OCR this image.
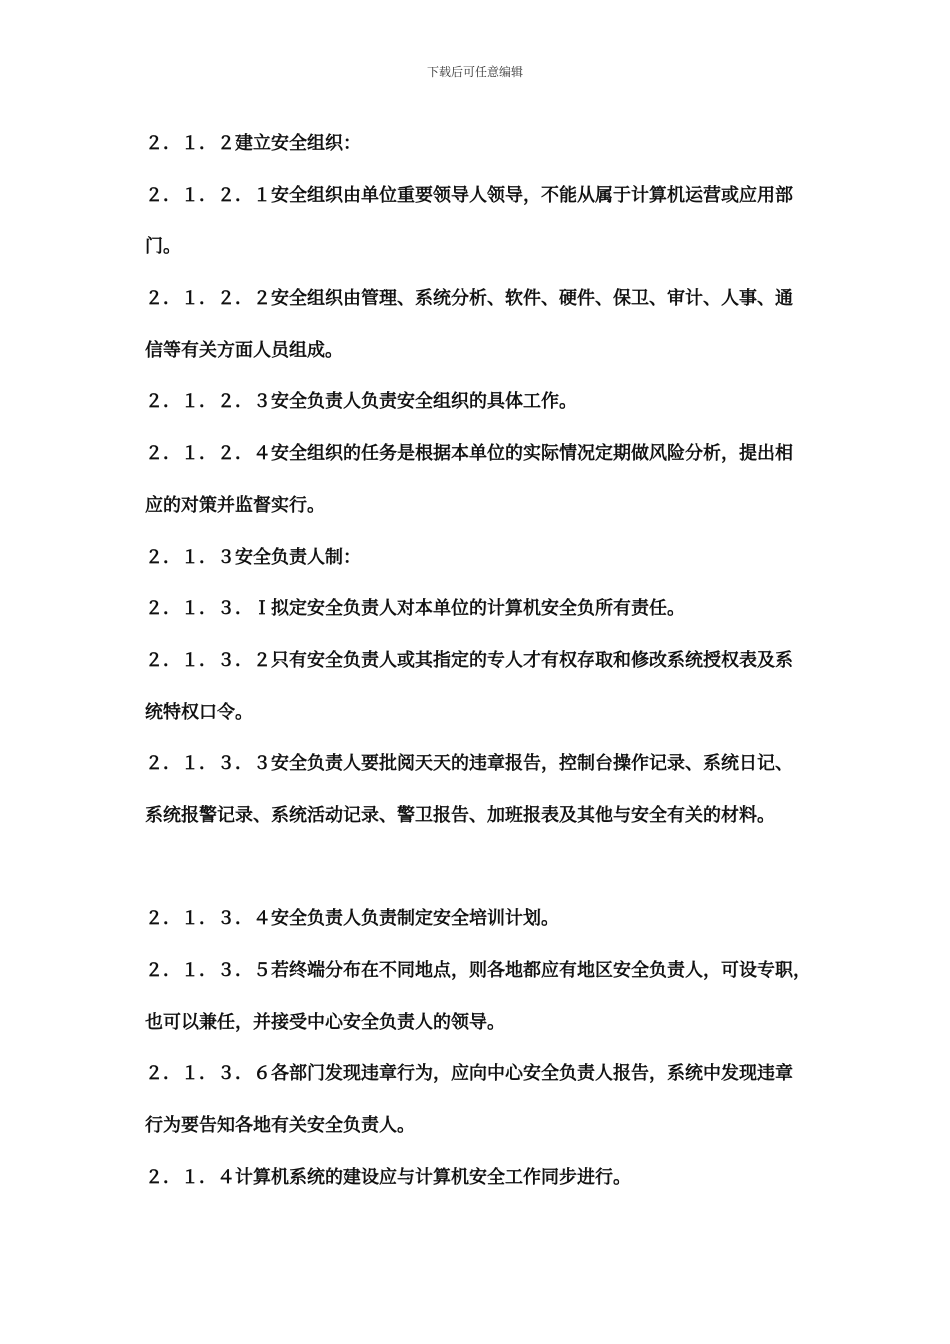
下载后可任意编辑
２．１．２建立安全组织：
２．１．２．１安全组织由单位重要领导人领导，不能从属于计算机运营或应用部
门。
２．１．２．２安全组织由管理、系统分析、软件、硬件、保卫、审计、人事、通
信等有关方面人员组成。
２．１．２．３安全负责人负责安全组织的具体工作。
２．１．２．４安全组织的任务是根据本单位的实际情况定期做风险分析，提出相
应的对策并监督实行。
２．１．３安全负责人制：
２．１．３．Ｉ拟定安全负责人对本单位的计算机安全负所有责任。
２．１．３．２只有安全负责人或其指定的专人才有权存取和修改系统授权表及系
统特权口令。
２．１．３．３安全负责人要批阅天天的违章报告，控制台操作记录、系统日记、
系统报警记录、系统活动记录、警卫报告、加班报表及其他与安全有关的材料。
２．１．３．４安全负责人负责制定安全培训计划。
２．１．３．５若终端分布在不同地点，则各地都应有地区安全负责人，可设专职，
也可以兼任，并接受中心安全负责人的领导。
２．１．３．６各部门发现违章行为，应向中心安全负责人报告，系统中发现违章
行为要告知各地有关安全负责人。
２．１．４计算机系统的建设应与计算机安全工作同步进行。
